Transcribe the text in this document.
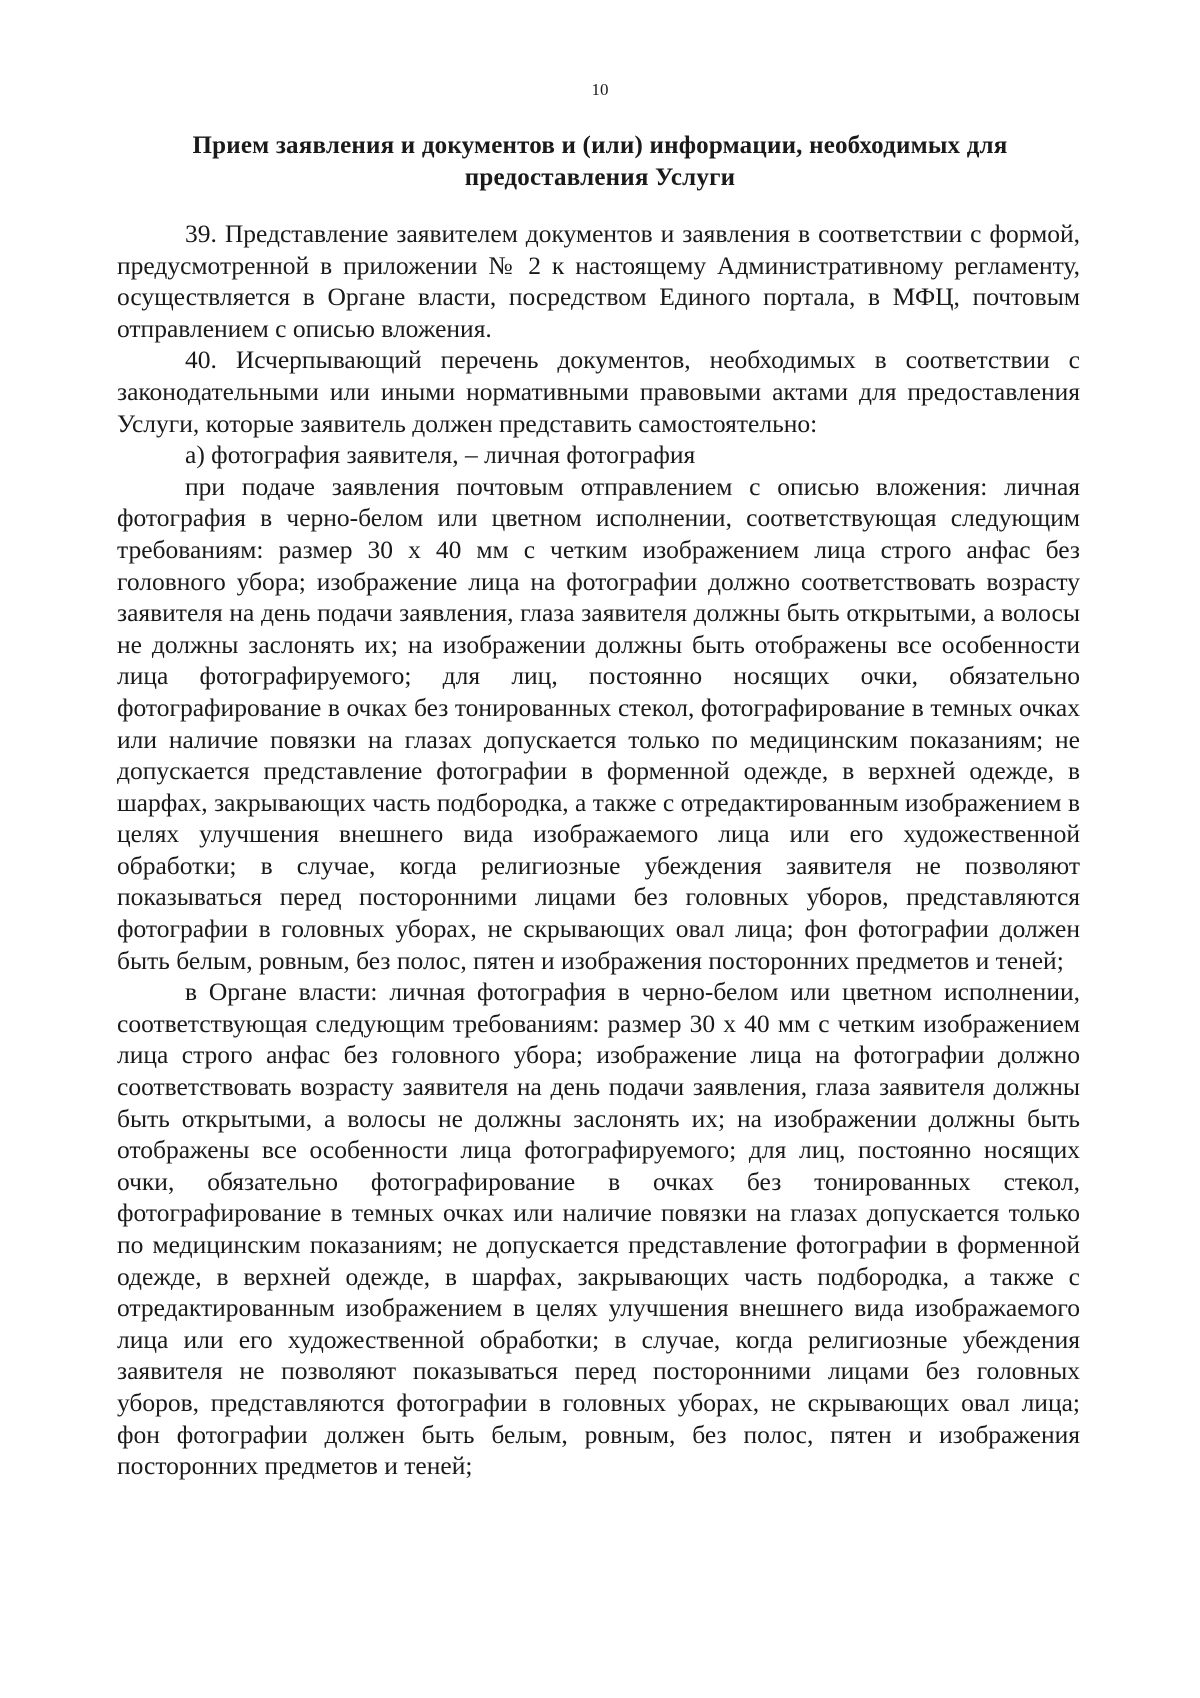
10
Прием заявления и документов и (или) информации, необходимых для
предоставления Услуги

39. Представление заявителем документов и заявления в соответствии с формой, предусмотренной в приложении № 2 к настоящему Административному регламенту, осуществляется в Органе власти, посредством Единого портала, в МФЦ, почтовым отправлением с описью вложения.

40. Исчерпывающий перечень документов, необходимых в соответствии с законодательными или иными нормативными правовыми актами для предоставления Услуги, которые заявитель должен представить самостоятельно:

а) фотография заявителя, – личная фотография

при подаче заявления почтовым отправлением с описью вложения: личная фотография в черно-белом или цветном исполнении, соответствующая следующим требованиям: размер 30 х 40 мм с четким изображением лица строго анфас без головного убора; изображение лица на фотографии должно соответствовать возрасту заявителя на день подачи заявления, глаза заявителя должны быть открытыми, а волосы не должны заслонять их; на изображении должны быть отображены все особенности лица фотографируемого; для лиц, постоянно носящих очки, обязательно фотографирование в очках без тонированных стекол, фотографирование в темных очках или наличие повязки на глазах допускается только по медицинским показаниям; не допускается представление фотографии в форменной одежде, в верхней одежде, в шарфах, закрывающих часть подбородка, а также с отредактированным изображением в целях улучшения внешнего вида изображаемого лица или его художественной обработки; в случае, когда религиозные убеждения заявителя не позволяют показываться перед посторонними лицами без головных уборов, представляются фотографии в головных уборах, не скрывающих овал лица; фон фотографии должен быть белым, ровным, без полос, пятен и изображения посторонних предметов и теней;

в Органе власти: личная фотография в черно-белом или цветном исполнении, соответствующая следующим требованиям: размер 30 х 40 мм с четким изображением лица строго анфас без головного убора; изображение лица на фотографии должно соответствовать возрасту заявителя на день подачи заявления, глаза заявителя должны быть открытыми, а волосы не должны заслонять их; на изображении должны быть отображены все особенности лица фотографируемого; для лиц, постоянно носящих очки, обязательно фотографирование в очках без тонированных стекол, фотографирование в темных очках или наличие повязки на глазах допускается только по медицинским показаниям; не допускается представление фотографии в форменной одежде, в верхней одежде, в шарфах, закрывающих часть подбородка, а также с отредактированным изображением в целях улучшения внешнего вида изображаемого лица или его художественной обработки; в случае, когда религиозные убеждения заявителя не позволяют показываться перед посторонними лицами без головных уборов, представляются фотографии в головных уборах, не скрывающих овал лица; фон фотографии должен быть белым, ровным, без полос, пятен и изображения посторонних предметов и теней;
